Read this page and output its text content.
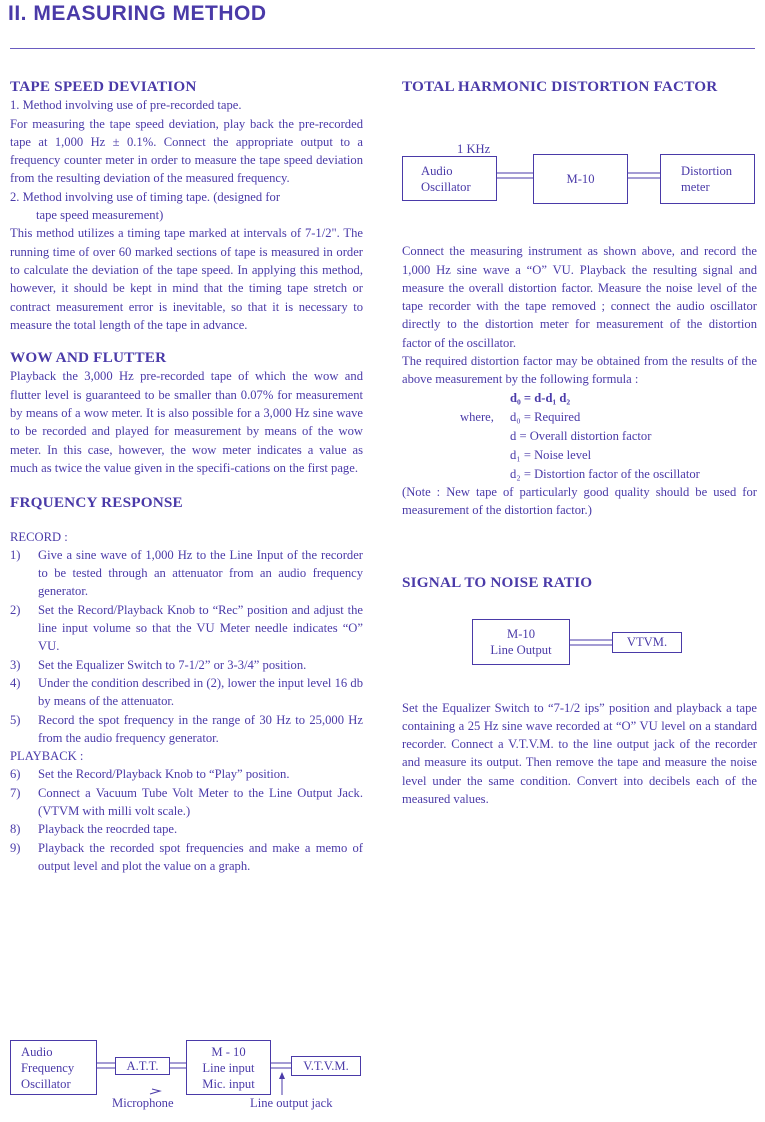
II. MEASURING METHOD
TAPE SPEED DEVIATION

1. Method involving use of pre-recorded tape.

For measuring the tape speed deviation, play back the pre-recorded tape at 1,000 Hz ± 0.1%. Connect the appropriate output to a frequency counter meter in order to measure the tape speed deviation from the resulting deviation of the measured frequency.

2. Method involving use of timing tape. (designed for

tape speed measurement)

This method utilizes a timing tape marked at intervals of 7-1/2". The running time of over 60 marked sections of tape is measured in order to calculate the deviation of the tape speed. In applying this method, however, it should be kept in mind that the timing tape stretch or contract measurement error is inevitable, so that it is necessary to measure the total length of the tape in advance.

WOW AND FLUTTER

Playback the 3,000 Hz pre-recorded tape of which the wow and flutter level is guaranteed to be smaller than 0.07% for measurement by means of a wow meter. It is also possible for a 3,000 Hz sine wave to be recorded and played for measurement by means of the wow meter. In this case, however, the wow meter indicates a value as much as twice the value given in the specifi-cations on the first page.

FRQUENCY RESPONSE

RECORD :

1)	Give a sine wave of 1,000 Hz to the Line Input of the recorder to be tested through an attenuator from an audio frequency generator.
2)	Set the Record/Playback Knob to “Rec” position and adjust the line input volume so that the VU Meter needle indicates “O” VU.
3)	Set the Equalizer Switch to 7-1/2” or 3-3/4” position.
4)	Under the condition described in (2), lower the input level 16 db by means of the attenuator.
5)	Record the spot frequency in the range of 30 Hz to 25,000 Hz from the audio frequency generator.

PLAYBACK :

6)	Set the Record/Playback Knob to “Play” position.
7)	Connect a Vacuum Tube Volt Meter to the Line Output Jack. (VTVM with milli volt scale.)
8)	Playback the reocrded tape.
9)	Playback the recorded spot frequencies and make a memo of output level and plot the value on a graph.
Audio
Frequency
Oscillator
A.T.T.
M - 10
Line input
Mic. input
V.T.V.M.
Microphone	Line output jack
TOTAL HARMONIC DISTORTION FACTOR
1 KHz
Audio
Oscillator
M-10
Distortion
meter

Connect the measuring instrument as shown above, and record the 1,000 Hz sine wave a “O” VU. Playback the resulting signal and measure the overall distortion factor. Measure the noise level of the tape recorder with the tape removed ; connect the audio oscillator directly to the distortion meter for measurement of the distortion factor of the oscillator.

The required distortion factor may be obtained from the results of the above measurement by the following formula :

d₀ = d-d₁ d₂
where, d₀ = Required
d = Overall distortion factor
d₁ = Noise level
d₂ = Distortion factor of the oscillator

(Note : New tape of particularly good quality should be used for measurement of the distortion factor.)

SIGNAL TO NOISE RATIO
M-10
Line Output
VTVM.

Set the Equalizer Switch to “7-1/2 ips” position and playback a tape containing a 25 Hz sine wave recorded at “O” VU level on a standard recorder. Connect a V.T.V.M. to the line output jack of the recorder and measure its output. Then remove the tape and measure the noise level under the same condition. Convert into decibels each of the measured values.
